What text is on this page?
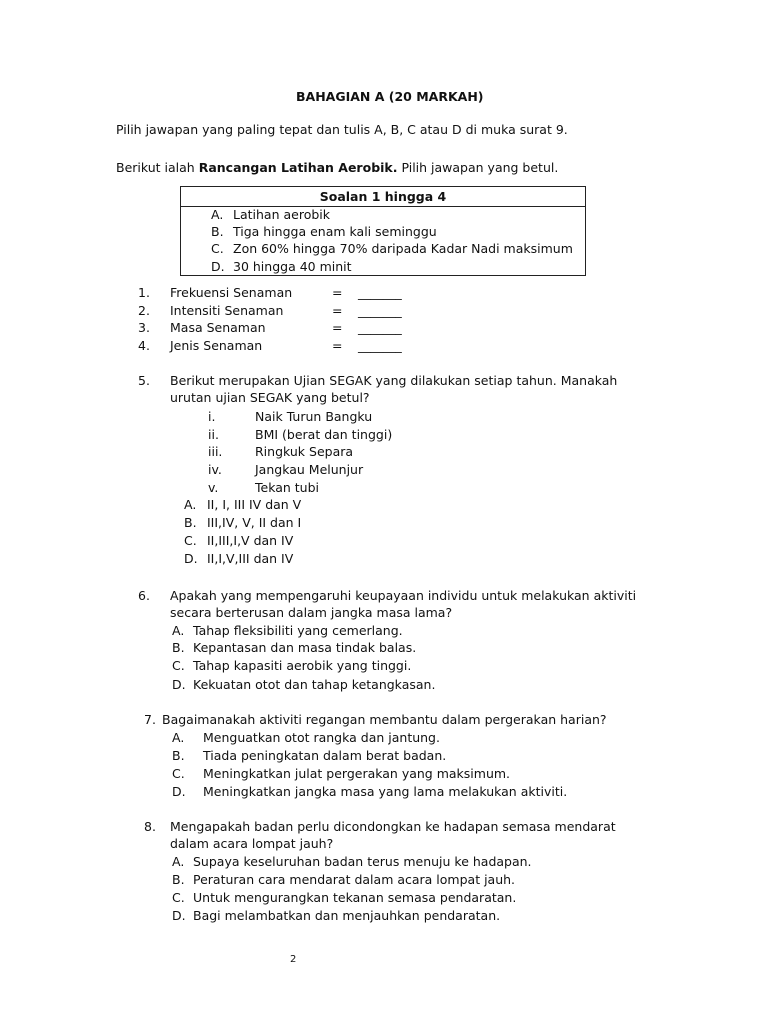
BAHAGIAN A (20 MARKAH)
Pilih jawapan yang paling tepat dan tulis A, B, C atau D di muka surat 9.
Berikut ialah Rancangan Latihan Aerobik. Pilih jawapan yang betul.
Soalan 1 hingga 4
A. Latihan aerobik
B. Tiga hingga enam kali seminggu
C. Zon 60% hingga 70% daripada Kadar Nadi maksimum
D. 30 hingga 40 minit
1. Frekuensi Senaman	= _______
2. Intensiti Senaman	= _______
3. Masa Senaman	= _______
4. Jenis Senaman	= _______
5. Berikut merupakan Ujian SEGAK yang dilakukan setiap tahun. Manakah
urutan ujian SEGAK yang betul?
i.	Naik Turun Bangku
ii.	BMI (berat dan tinggi)
iii.	Ringkuk Separa
iv.	Jangkau Melunjur
v.	Tekan tubi
A. II, I, III IV dan V
B. III,IV, V, II dan I
C. II,III,I,V dan IV
D. II,I,V,III dan IV
6. Apakah yang mempengaruhi keupayaan individu untuk melakukan aktiviti
secara berterusan dalam jangka masa lama?
A. Tahap fleksibiliti yang cemerlang.
B. Kepantasan dan masa tindak balas.
C. Tahap kapasiti aerobik yang tinggi.
D. Kekuatan otot dan tahap ketangkasan.
7. Bagaimanakah aktiviti regangan membantu dalam pergerakan harian?
A. Menguatkan otot rangka dan jantung.
B. Tiada peningkatan dalam berat badan.
C. Meningkatkan julat pergerakan yang maksimum.
D. Meningkatkan jangka masa yang lama melakukan aktiviti.
8. Mengapakah badan perlu dicondongkan ke hadapan semasa mendarat
dalam acara lompat jauh?
A. Supaya keseluruhan badan terus menuju ke hadapan.
B. Peraturan cara mendarat dalam acara lompat jauh.
C. Untuk mengurangkan tekanan semasa pendaratan.
D. Bagi melambatkan dan menjauhkan pendaratan.
2
